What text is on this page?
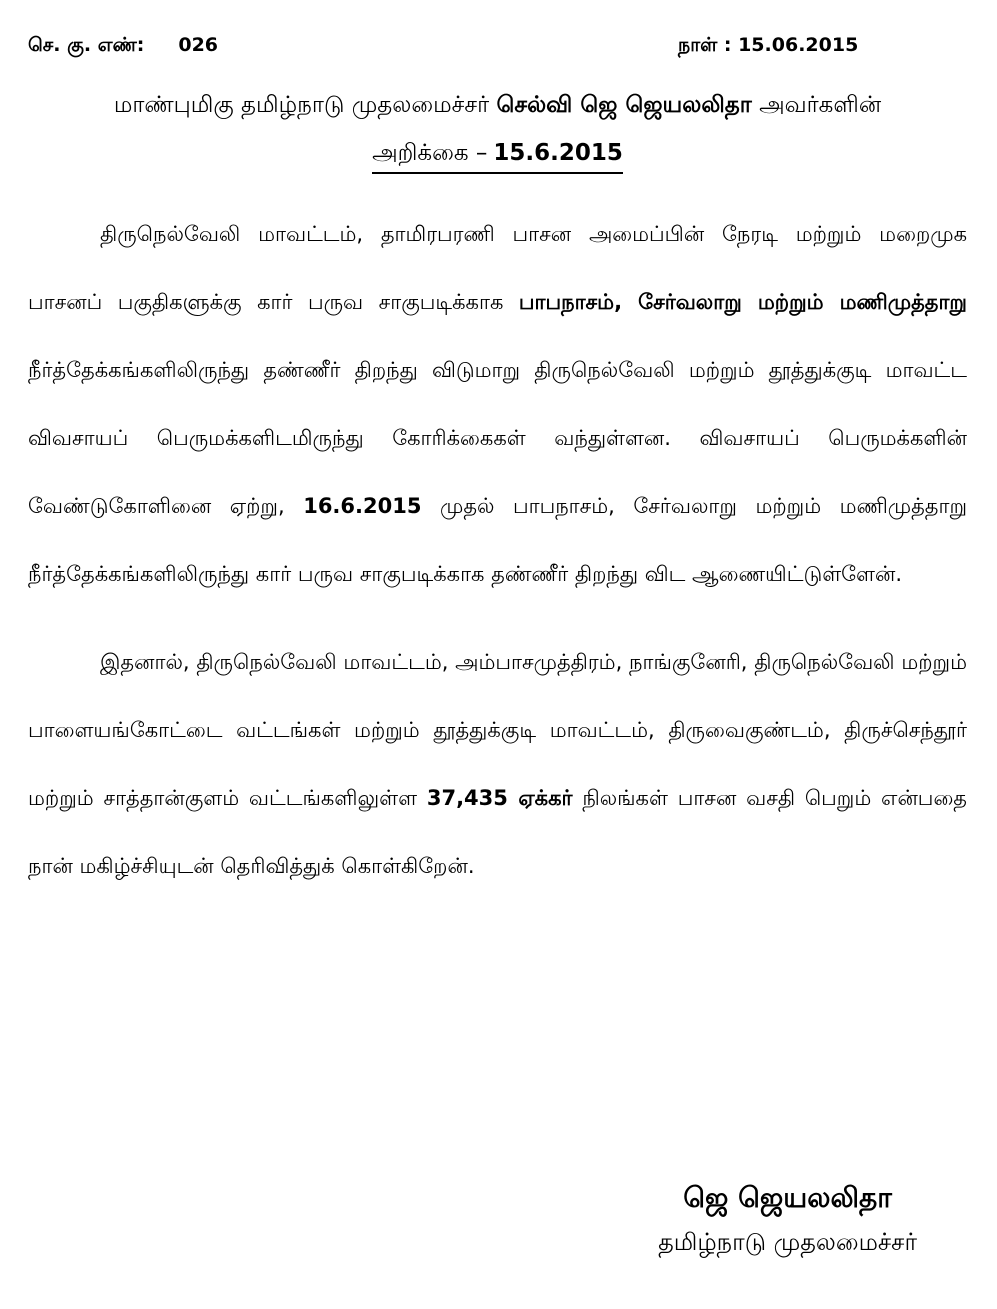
செ. கு. எண்: 026	நாள் : 15.06.2015
மாண்புமிகு தமிழ்நாடு முதலமைச்சர் செல்வி ஜெ ஜெயலலிதா அவர்களின்
அறிக்கை – 15.6.2015

திருநெல்வேலி மாவட்டம், தாமிரபரணி பாசன அமைப்பின் நேரடி மற்றும் மறைமுக பாசனப் பகுதிகளுக்கு கார் பருவ சாகுபடிக்காக பாபநாசம், சேர்வலாறு மற்றும் மணிமுத்தாறு நீர்த்தேக்கங்களிலிருந்து தண்ணீர் திறந்து விடுமாறு திருநெல்வேலி மற்றும் தூத்துக்குடி மாவட்ட விவசாயப் பெருமக்களிடமிருந்து கோரிக்கைகள் வந்துள்ளன. விவசாயப் பெருமக்களின் வேண்டுகோளினை ஏற்று, 16.6.2015 முதல் பாபநாசம், சேர்வலாறு மற்றும் மணிமுத்தாறு நீர்த்தேக்கங்களிலிருந்து கார் பருவ சாகுபடிக்காக தண்ணீர் திறந்து விட ஆணையிட்டுள்ளேன்.

இதனால், திருநெல்வேலி மாவட்டம், அம்பாசமுத்திரம், நாங்குனேரி, திருநெல்வேலி மற்றும் பாளையங்கோட்டை வட்டங்கள் மற்றும் தூத்துக்குடி மாவட்டம், திருவைகுண்டம், திருச்செந்தூர் மற்றும் சாத்தான்குளம் வட்டங்களிலுள்ள 37,435 ஏக்கர் நிலங்கள் பாசன வசதி பெறும் என்பதை நான் மகிழ்ச்சியுடன் தெரிவித்துக் கொள்கிறேன்.

ஜெ ஜெயலலிதா
தமிழ்நாடு முதலமைச்சர்
